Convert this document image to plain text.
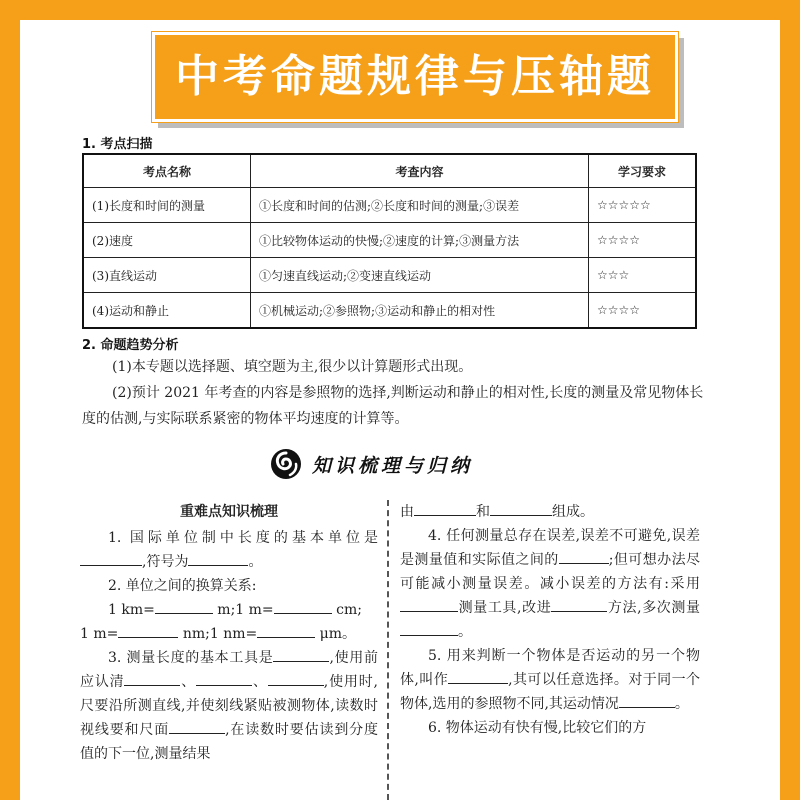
中考命题规律与压轴题
1. 考点扫描
考点名称	考查内容	学习要求
(1)长度和时间的测量	①长度和时间的估测;②长度和时间的测量;③误差	☆☆☆☆☆
(2)速度	①比较物体运动的快慢;②速度的计算;③测量方法	☆☆☆☆
(3)直线运动	①匀速直线运动;②变速直线运动	☆☆☆
(4)运动和静止	①机械运动;②参照物;③运动和静止的相对性	☆☆☆☆
2. 命题趋势分析

(1)本专题以选择题、填空题为主,很少以计算题形式出现。

(2)预计 2021 年考查的内容是参照物的选择,判断运动和静止的相对性,长度的测量及常见物体长度的估测,与实际联系紧密的物体平均速度的计算等。

知识梳理与归纳
重难点知识梳理
1. 国际单位制中长度的基本单位是,符号为	。
2. 单位之间的换算关系:
1 km=	m;1 m=	cm;
1 m=	nm;1 nm=	μm。
3. 测量长度的基本工具是	,使用前应认清	、	、	,使用时,尺要沿所测直线,并使刻线紧贴被测物体,读数时视线要和尺面	,在读数时要估读到分度值的下一位,测量结果
由	和	组成。
4. 任何测量总存在误差,误差不可避免,误差是测量值和实际值之间的	;但可想办法尽可能减小测量误差。减小误差的方法有:采用测量工具,改进	方法,多次测量。
5. 用来判断一个物体是否运动的另一个物体,叫作	,其可以任意选择。对于同一个物体,选用的参照物不同,其运动情况	。
6. 物体运动有快有慢,比较它们的方
